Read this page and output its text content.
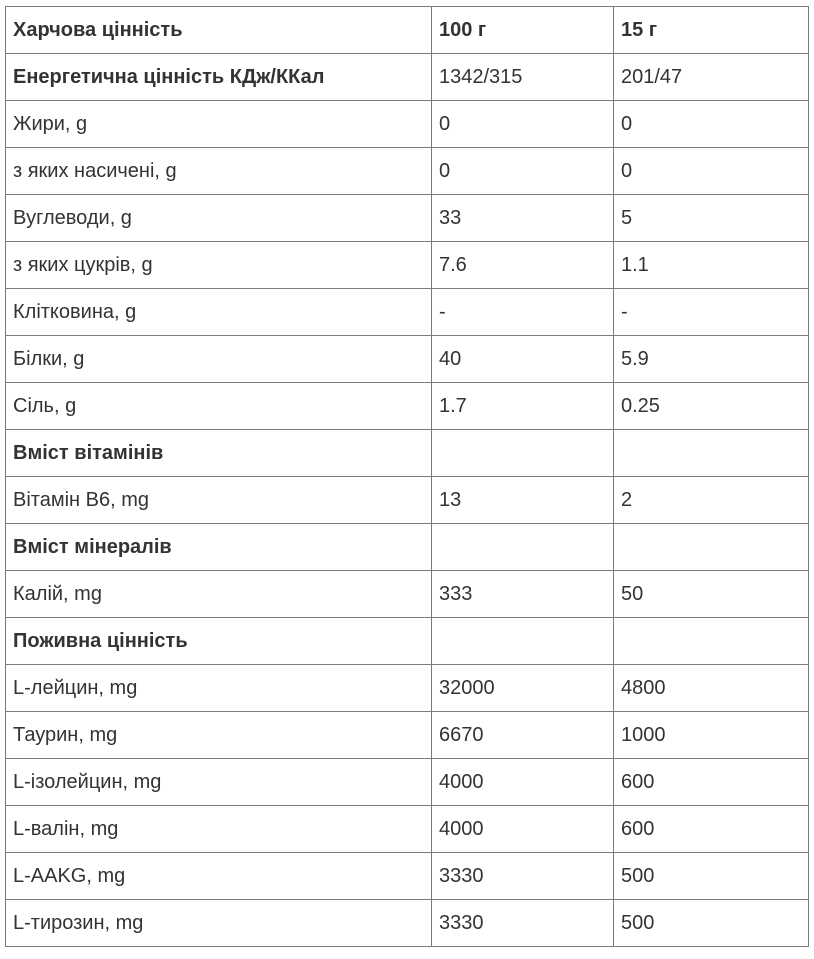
Харчова цінність	100 г	15 г
Енергетична цінність КДж/ККал	1342/315	201/47
Жири, g	0	0
з яких насичені, g	0	0
Вуглеводи, g	33	5
з яких цукрів, g	7.6	1.1
Клітковина, g	-	-
Білки, g	40	5.9
Сіль, g	1.7	0.25
Вміст вітамінів		
Вітамін B6, mg	13	2
Вміст мінералів		
Калій, mg	333	50
Поживна цінність		
L-лейцин, mg	32000	4800
Таурин, mg	6670	1000
L-ізолейцин, mg	4000	600
L-валін, mg	4000	600
L-AAKG, mg	3330	500
L-тирозин, mg	3330	500
